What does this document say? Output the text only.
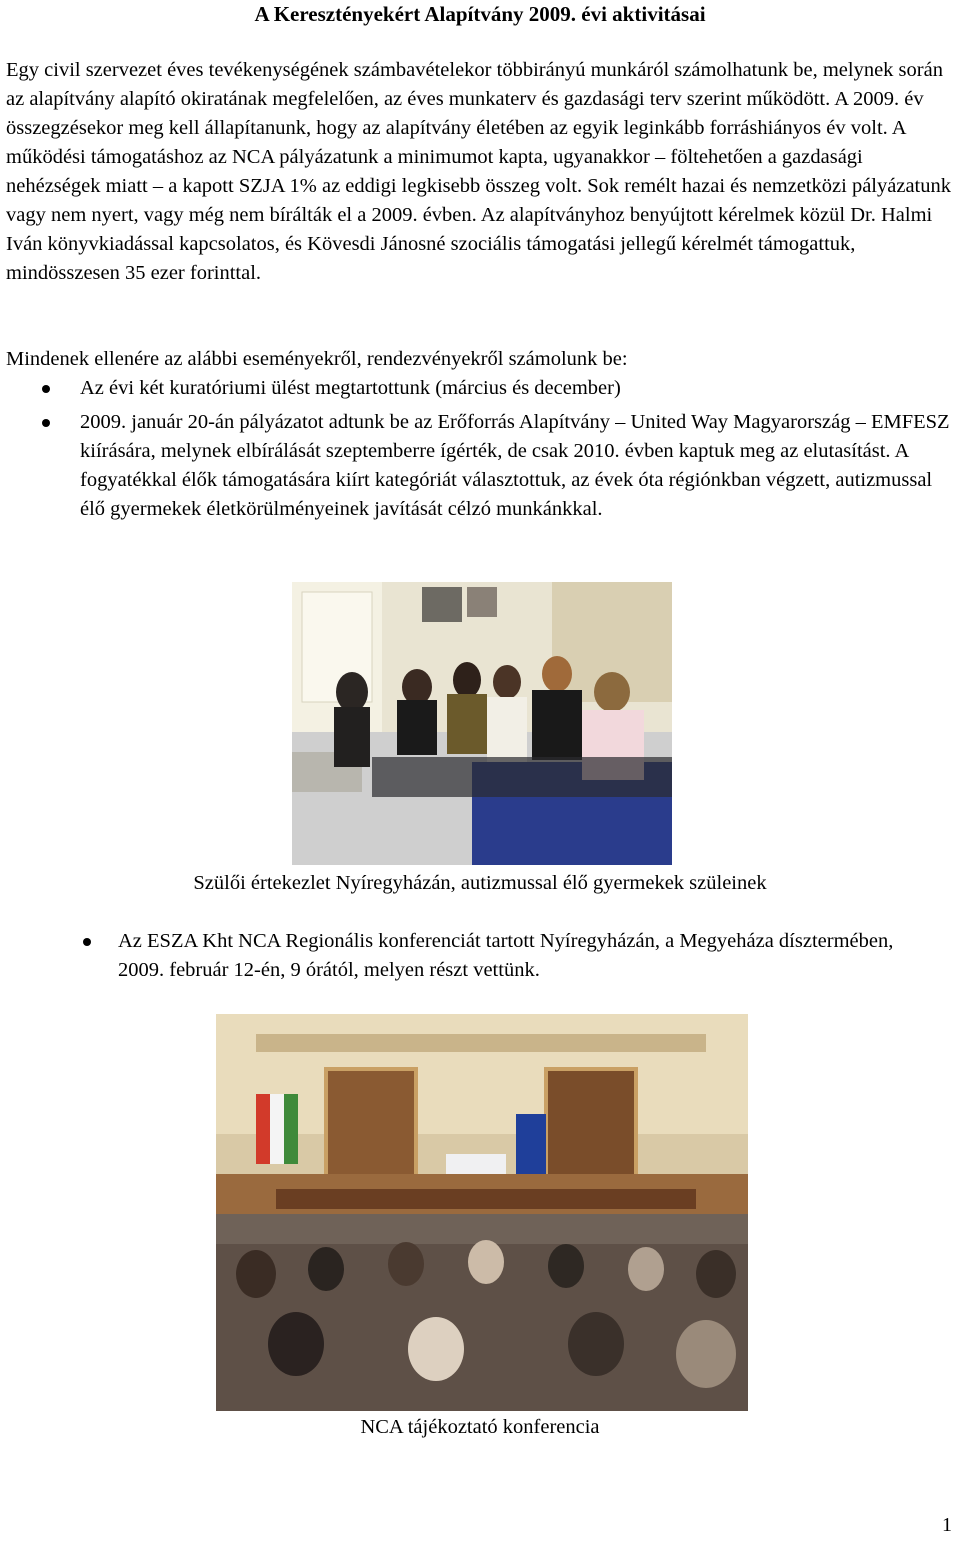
A Keresztényekért Alapítvány 2009. évi aktivitásai
Egy civil szervezet éves tevékenységének számbavételekor többirányú munkáról számolhatunk be, melynek során az alapítvány alapító okiratának megfelelően, az éves munkaterv és gazdasági terv szerint működött. A 2009. év összegzésekor meg kell állapítanunk, hogy az alapítvány életében az egyik leginkább forráshiányos év volt. A működési támogatáshoz az NCA pályázatunk a minimumot kapta, ugyanakkor – föltehetően a gazdasági nehézségek miatt – a kapott SZJA 1% az eddigi legkisebb összeg volt. Sok remélt hazai és nemzetközi pályázatunk vagy nem nyert, vagy még nem bírálták el a 2009. évben. Az alapítványhoz benyújtott kérelmek közül Dr. Halmi Iván könyvkiadással kapcsolatos, és Kövesdi Jánosné szociális támogatási jellegű kérelmét támogattuk, mindösszesen 35 ezer forinttal.
Mindenek ellenére az alábbi eseményekről, rendezvényekről számolunk be:
Az évi két kuratóriumi ülést megtartottunk (március és december)
2009. január 20-án pályázatot adtunk be az Erőforrás Alapítvány – United Way Magyarország – EMFESZ kiírására, melynek elbírálását szeptemberre ígérték, de csak 2010. évben kaptuk meg az elutasítást. A fogyatékkal élők támogatására kiírt kategóriát választottuk, az évek óta régiónkban végzett, autizmussal élő gyermekek életkörülményeinek javítását célzó munkánkkal.
Szülői értekezlet Nyíregyházán, autizmussal élő gyermekek szüleinek
Az ESZA Kht NCA Regionális konferenciát tartott Nyíregyházán, a Megyeháza dísztermében, 2009. február 12-én, 9 órától, melyen részt vettünk.
NCA tájékoztató konferencia
1
